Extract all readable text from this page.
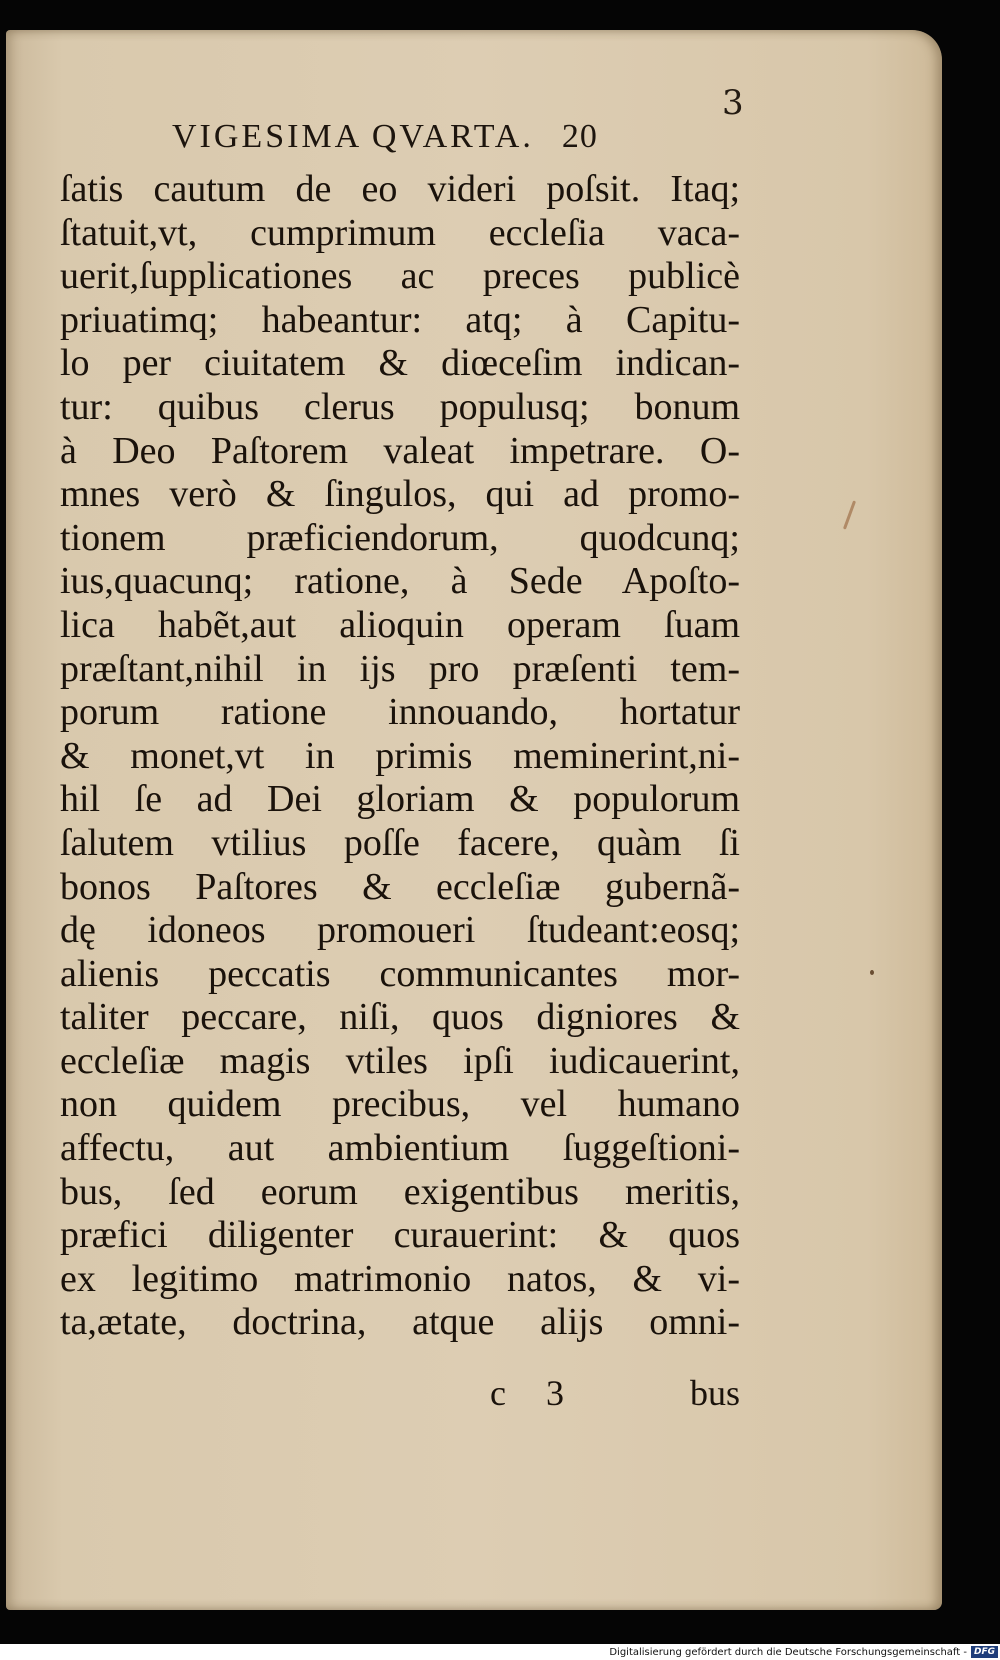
3
VIGESIMA QVARTA. 20
ſatis cautum de eo videri poſsit. Itaq;
ſtatuit,vt, cumprimum eccleſia vaca-
uerit,ſupplicationes ac preces publicè
priuatimq; habeantur: atq; à Capitu-
lo per ciuitatem & diœceſim indican-
tur: quibus clerus populusq; bonum
à Deo Paſtorem valeat impetrare. O-
mnes verò & ſingulos, qui ad promo-
tionem præficiendorum, quodcunq;
ius,quacunq; ratione, à Sede Apoſto-
lica habẽt,aut alioquin operam ſuam
præſtant,nihil in ijs pro præſenti tem-
porum ratione innouando, hortatur
& monet,vt in primis meminerint,ni-
hil ſe ad Dei gloriam & populorum
ſalutem vtilius poſſe facere, quàm ſi
bonos Paſtores & eccleſiæ gubernã-
dę idoneos promoueri ſtudeant:eosq;
alienis peccatis communicantes mor-
taliter peccare, niſi, quos digniores &
eccleſiæ magis vtiles ipſi iudicauerint,
non quidem precibus, vel humano
affectu, aut ambientium ſuggeſtioni-
bus, ſed eorum exigentibus meritis,
præfici diligenter curauerint: & quos
ex legitimo matrimonio natos, & vi-
ta,ætate, doctrina, atque alijs omni-
c 3	bus
Digitalisierung gefördert durch die Deutsche Forschungsgemeinschaft - DFG
